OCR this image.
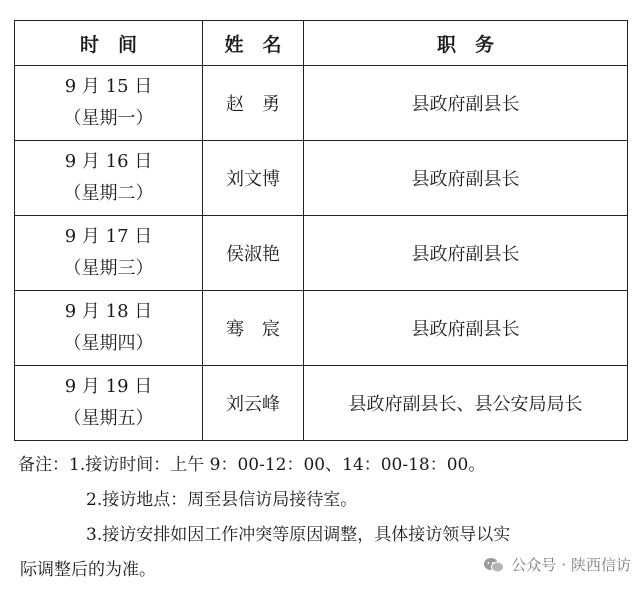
时　间	姓　名	职　务

9 月 15 日
（星期一）	赵　勇	县政府副县长

9 月 16 日
（星期二）	刘文博	县政府副县长

9 月 17 日
（星期三）	侯淑艳	县政府副县长

9 月 18 日
（星期四）	骞　宸	县政府副县长

9 月 19 日
（星期五）	刘云峰	县政府副县长、县公安局局长
备注：1.接访时间：上午 9：00-12：00、14：00-18：00。
2.接访地点：周至县信访局接待室。
3.接访安排如因工作冲突等原因调整，具体接访领导以实
际调整后的为准。	公众号 · 陕西信访
